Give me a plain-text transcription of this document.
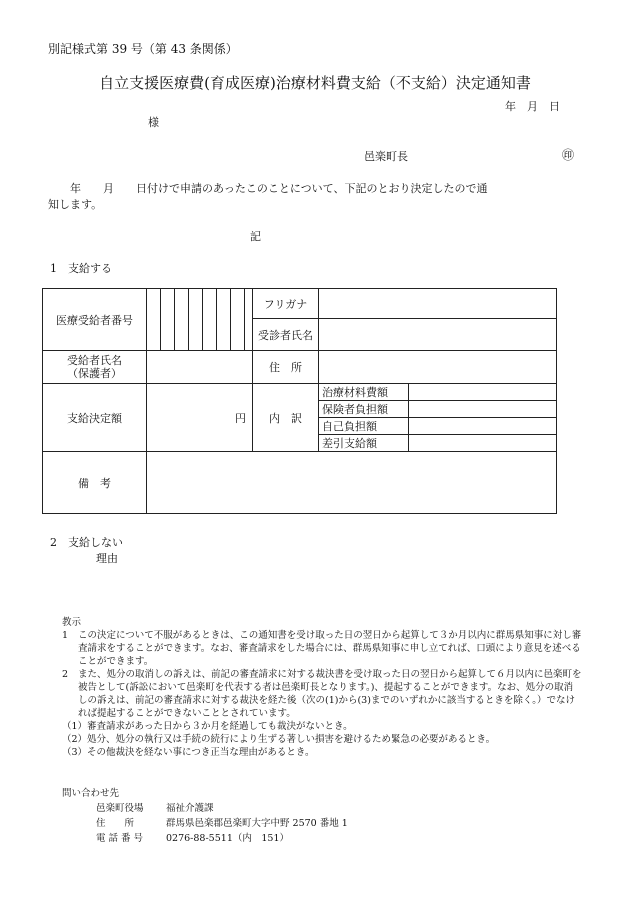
別記様式第 39 号（第 43 条関係）
自立支援医療費(育成医療)治療材料費支給（不支給）決定通知書
年　月　日
様
邑楽町長	㊞
年　　月　　日付けで申請のあったこのことについて、下記のとおり決定したので通
知します。
記
1　支給する
医療受給者番号									フリガナ		
									受診者氏名		

受給者氏名
（保護者）									住　所		
支給決定額	円								内　訳	治療材料費額	
										保険者負担額	
										自己負担額	
										差引支給額	
備　考											
2　支給しない
理由

教示

1	この決定について不服があるときは、この通知書を受け取った日の翌日から起算して３か月以内に群馬県知事に対し審査請求をすることができます。なお、審査請求をした場合には、群馬県知事に申し立てれば、口頭により意見を述べることができます。
2	また、処分の取消しの訴えは、前記の審査請求に対する裁決書を受け取った日の翌日から起算して６月以内に邑楽町を被告として(訴訟において邑楽町を代表する者は邑楽町長となります。)、提起することができます。なお、処分の取消しの訴えは、前記の審査請求に対する裁決を経た後（次の(1)から(3)までのいずれかに該当するときを除く。）でなければ提起することができないこととされています。

（1）審査請求があった日から３か月を経過しても裁決がないとき。

（2）処分、処分の執行又は手続の続行により生ずる著しい損害を避けるため緊急の必要があるとき。

（3）その他裁決を経ない事につき正当な理由があるとき。

問い合わせ先
邑楽町役場 福祉介護課
住　　所	群馬県邑楽郡邑楽町大字中野 2570 番地 1
電 話 番 号 0276-88-5511（内　151）
